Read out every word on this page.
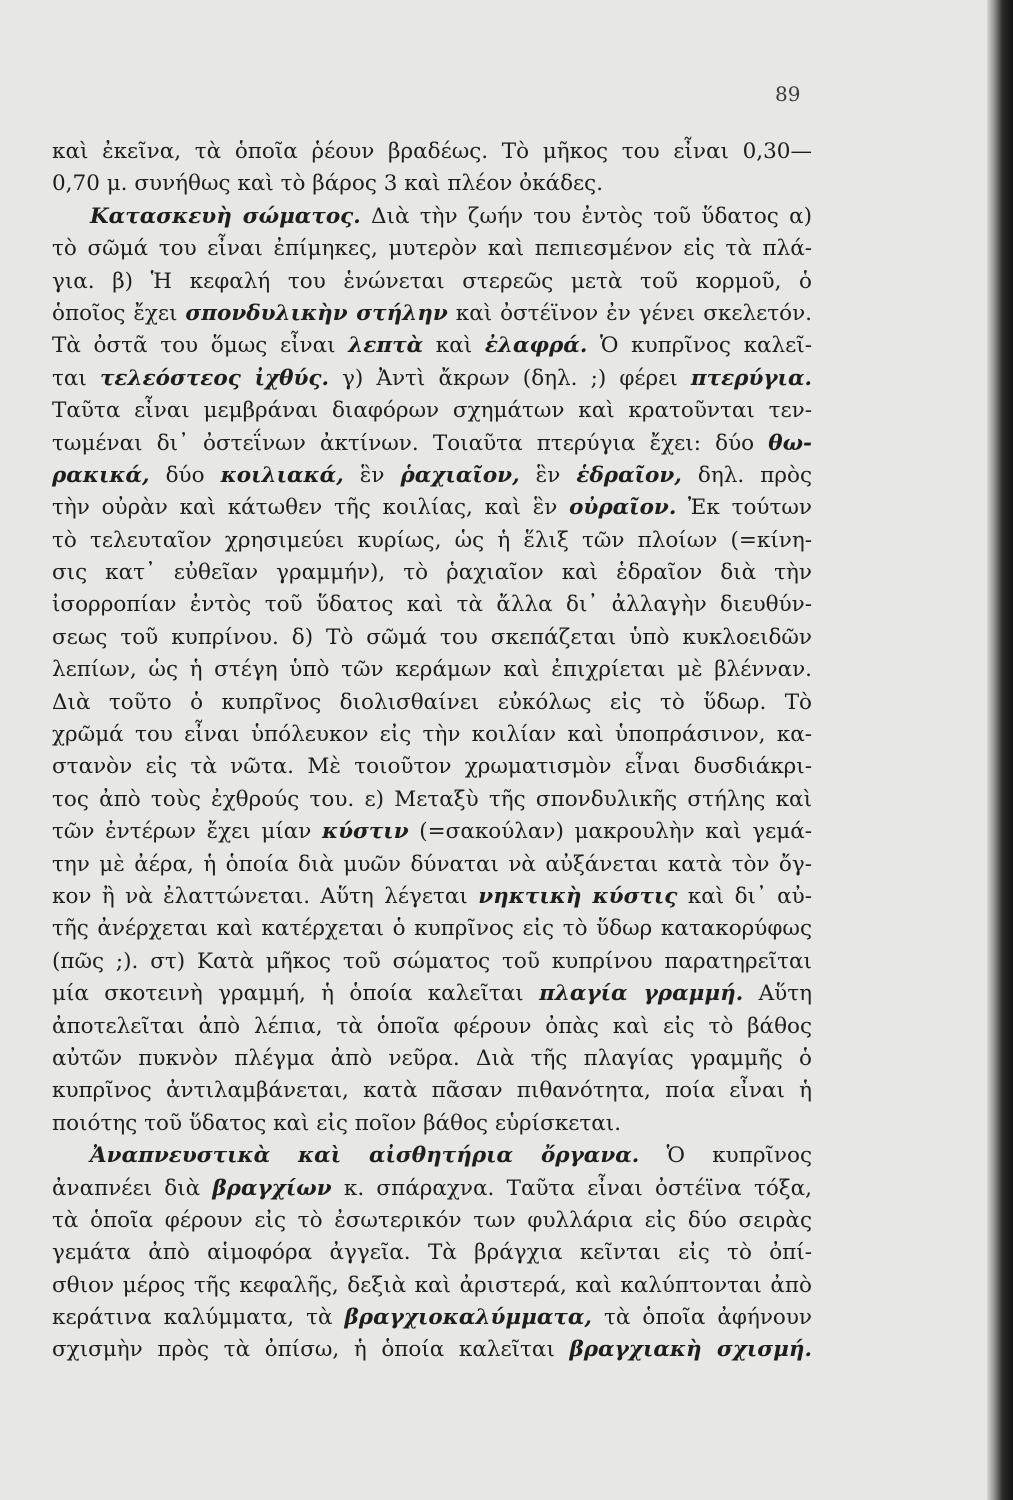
89
καὶ ἐκεῖνα, τὰ ὁποῖα ῥέουν βραδέως. Τὸ μῆκος του εἶναι 0,30—
0,70 μ. συνήθως καὶ τὸ βάρος 3 καὶ πλέον ὀκάδες.
Κατασκευὴ σώματος. Διὰ τὴν ζωήν του ἐντὸς τοῦ ὕδατος α)
τὸ σῶμά του εἶναι ἐπίμηκες, μυτερὸν καὶ πεπιεσμένον εἰς τὰ πλά-
για. β) Ἡ κεφαλή του ἑνώνεται στερεῶς μετὰ τοῦ κορμοῦ, ὁ
ὁποῖος ἔχει σπονδυλικὴν στήλην καὶ ὀστέϊνον ἐν γένει σκελετόν.
Τὰ ὀστᾶ του ὅμως εἶναι λεπτὰ καὶ ἐλαφρά. Ὁ κυπρῖνος καλεῖ-
ται τελεόστεος ἰχθύς. γ) Ἀντὶ ἄκρων (δηλ. ;) φέρει πτερύγια.
Ταῦτα εἶναι μεμβράναι διαφόρων σχημάτων καὶ κρατοῦνται τεν-
τωμέναι δι᾿ ὀστεΐνων ἀκτίνων. Τοιαῦτα πτερύγια ἔχει: δύο θω-
ρακικά, δύο κοιλιακά, ἓν ῥαχιαῖον, ἓν ἑδραῖον, δηλ. πρὸς
τὴν οὐρὰν καὶ κάτωθεν τῆς κοιλίας, καὶ ἓν οὐραῖον. Ἐκ τούτων
τὸ τελευταῖον χρησιμεύει κυρίως, ὡς ἡ ἕλιξ τῶν πλοίων (=κίνη-
σις κατ᾿ εὐθεῖαν γραμμήν), τὸ ῥαχιαῖον καὶ ἑδραῖον διὰ τὴν
ἰσορροπίαν ἐντὸς τοῦ ὕδατος καὶ τὰ ἄλλα δι᾿ ἀλλαγὴν διευθύν-
σεως τοῦ κυπρίνου. δ) Τὸ σῶμά του σκεπάζεται ὑπὸ κυκλοειδῶν
λεπίων, ὡς ἡ στέγη ὑπὸ τῶν κεράμων καὶ ἐπιχρίεται μὲ βλένναν.
Διὰ τοῦτο ὁ κυπρῖνος διολισθαίνει εὐκόλως εἰς τὸ ὕδωρ. Τὸ
χρῶμά του εἶναι ὑπόλευκον εἰς τὴν κοιλίαν καὶ ὑποπράσινον, κα-
στανὸν εἰς τὰ νῶτα. Μὲ τοιοῦτον χρωματισμὸν εἶναι δυσδιάκρι-
τος ἀπὸ τοὺς ἐχθρούς του. ε) Μεταξὺ τῆς σπονδυλικῆς στήλης καὶ
τῶν ἐντέρων ἔχει μίαν κύστιν (=σακούλαν) μακρουλὴν καὶ γεμά-
την μὲ ἀέρα, ἡ ὁποία διὰ μυῶν δύναται νὰ αὐξάνεται κατὰ τὸν ὄγ-
κον ἢ νὰ ἐλαττώνεται. Αὕτη λέγεται νηκτικὴ κύστις καὶ δι᾿ αὐ-
τῆς ἀνέρχεται καὶ κατέρχεται ὁ κυπρῖνος εἰς τὸ ὕδωρ κατακορύφως
(πῶς ;). στ) Κατὰ μῆκος τοῦ σώματος τοῦ κυπρίνου παρατηρεῖται
μία σκοτεινὴ γραμμή, ἡ ὁποία καλεῖται πλαγία γραμμή. Αὕτη
ἀποτελεῖται ἀπὸ λέπια, τὰ ὁποῖα φέρουν ὀπὰς καὶ εἰς τὸ βάθος
αὐτῶν πυκνὸν πλέγμα ἀπὸ νεῦρα. Διὰ τῆς πλαγίας γραμμῆς ὁ
κυπρῖνος ἀντιλαμβάνεται, κατὰ πᾶσαν πιθανότητα, ποία εἶναι ἡ
ποιότης τοῦ ὕδατος καὶ εἰς ποῖον βάθος εὑρίσκεται.
Ἀναπνευστικὰ καὶ αἰσθητήρια ὄργανα. Ὁ κυπρῖνος
ἀναπνέει διὰ βραγχίων κ. σπάραχνα. Ταῦτα εἶναι ὀστέϊνα τόξα,
τὰ ὁποῖα φέρουν εἰς τὸ ἐσωτερικόν των φυλλάρια εἰς δύο σειρὰς
γεμάτα ἀπὸ αἱμοφόρα ἀγγεῖα. Τὰ βράγχια κεῖνται εἰς τὸ ὀπί-
σθιον μέρος τῆς κεφαλῆς, δεξιὰ καὶ ἀριστερά, καὶ καλύπτονται ἀπὸ
κεράτινα καλύμματα, τὰ βραγχιοκαλύμματα, τὰ ὁποῖα ἀφήνουν
σχισμὴν πρὸς τὰ ὀπίσω, ἡ ὁποία καλεῖται βραγχιακὴ σχισμή.
